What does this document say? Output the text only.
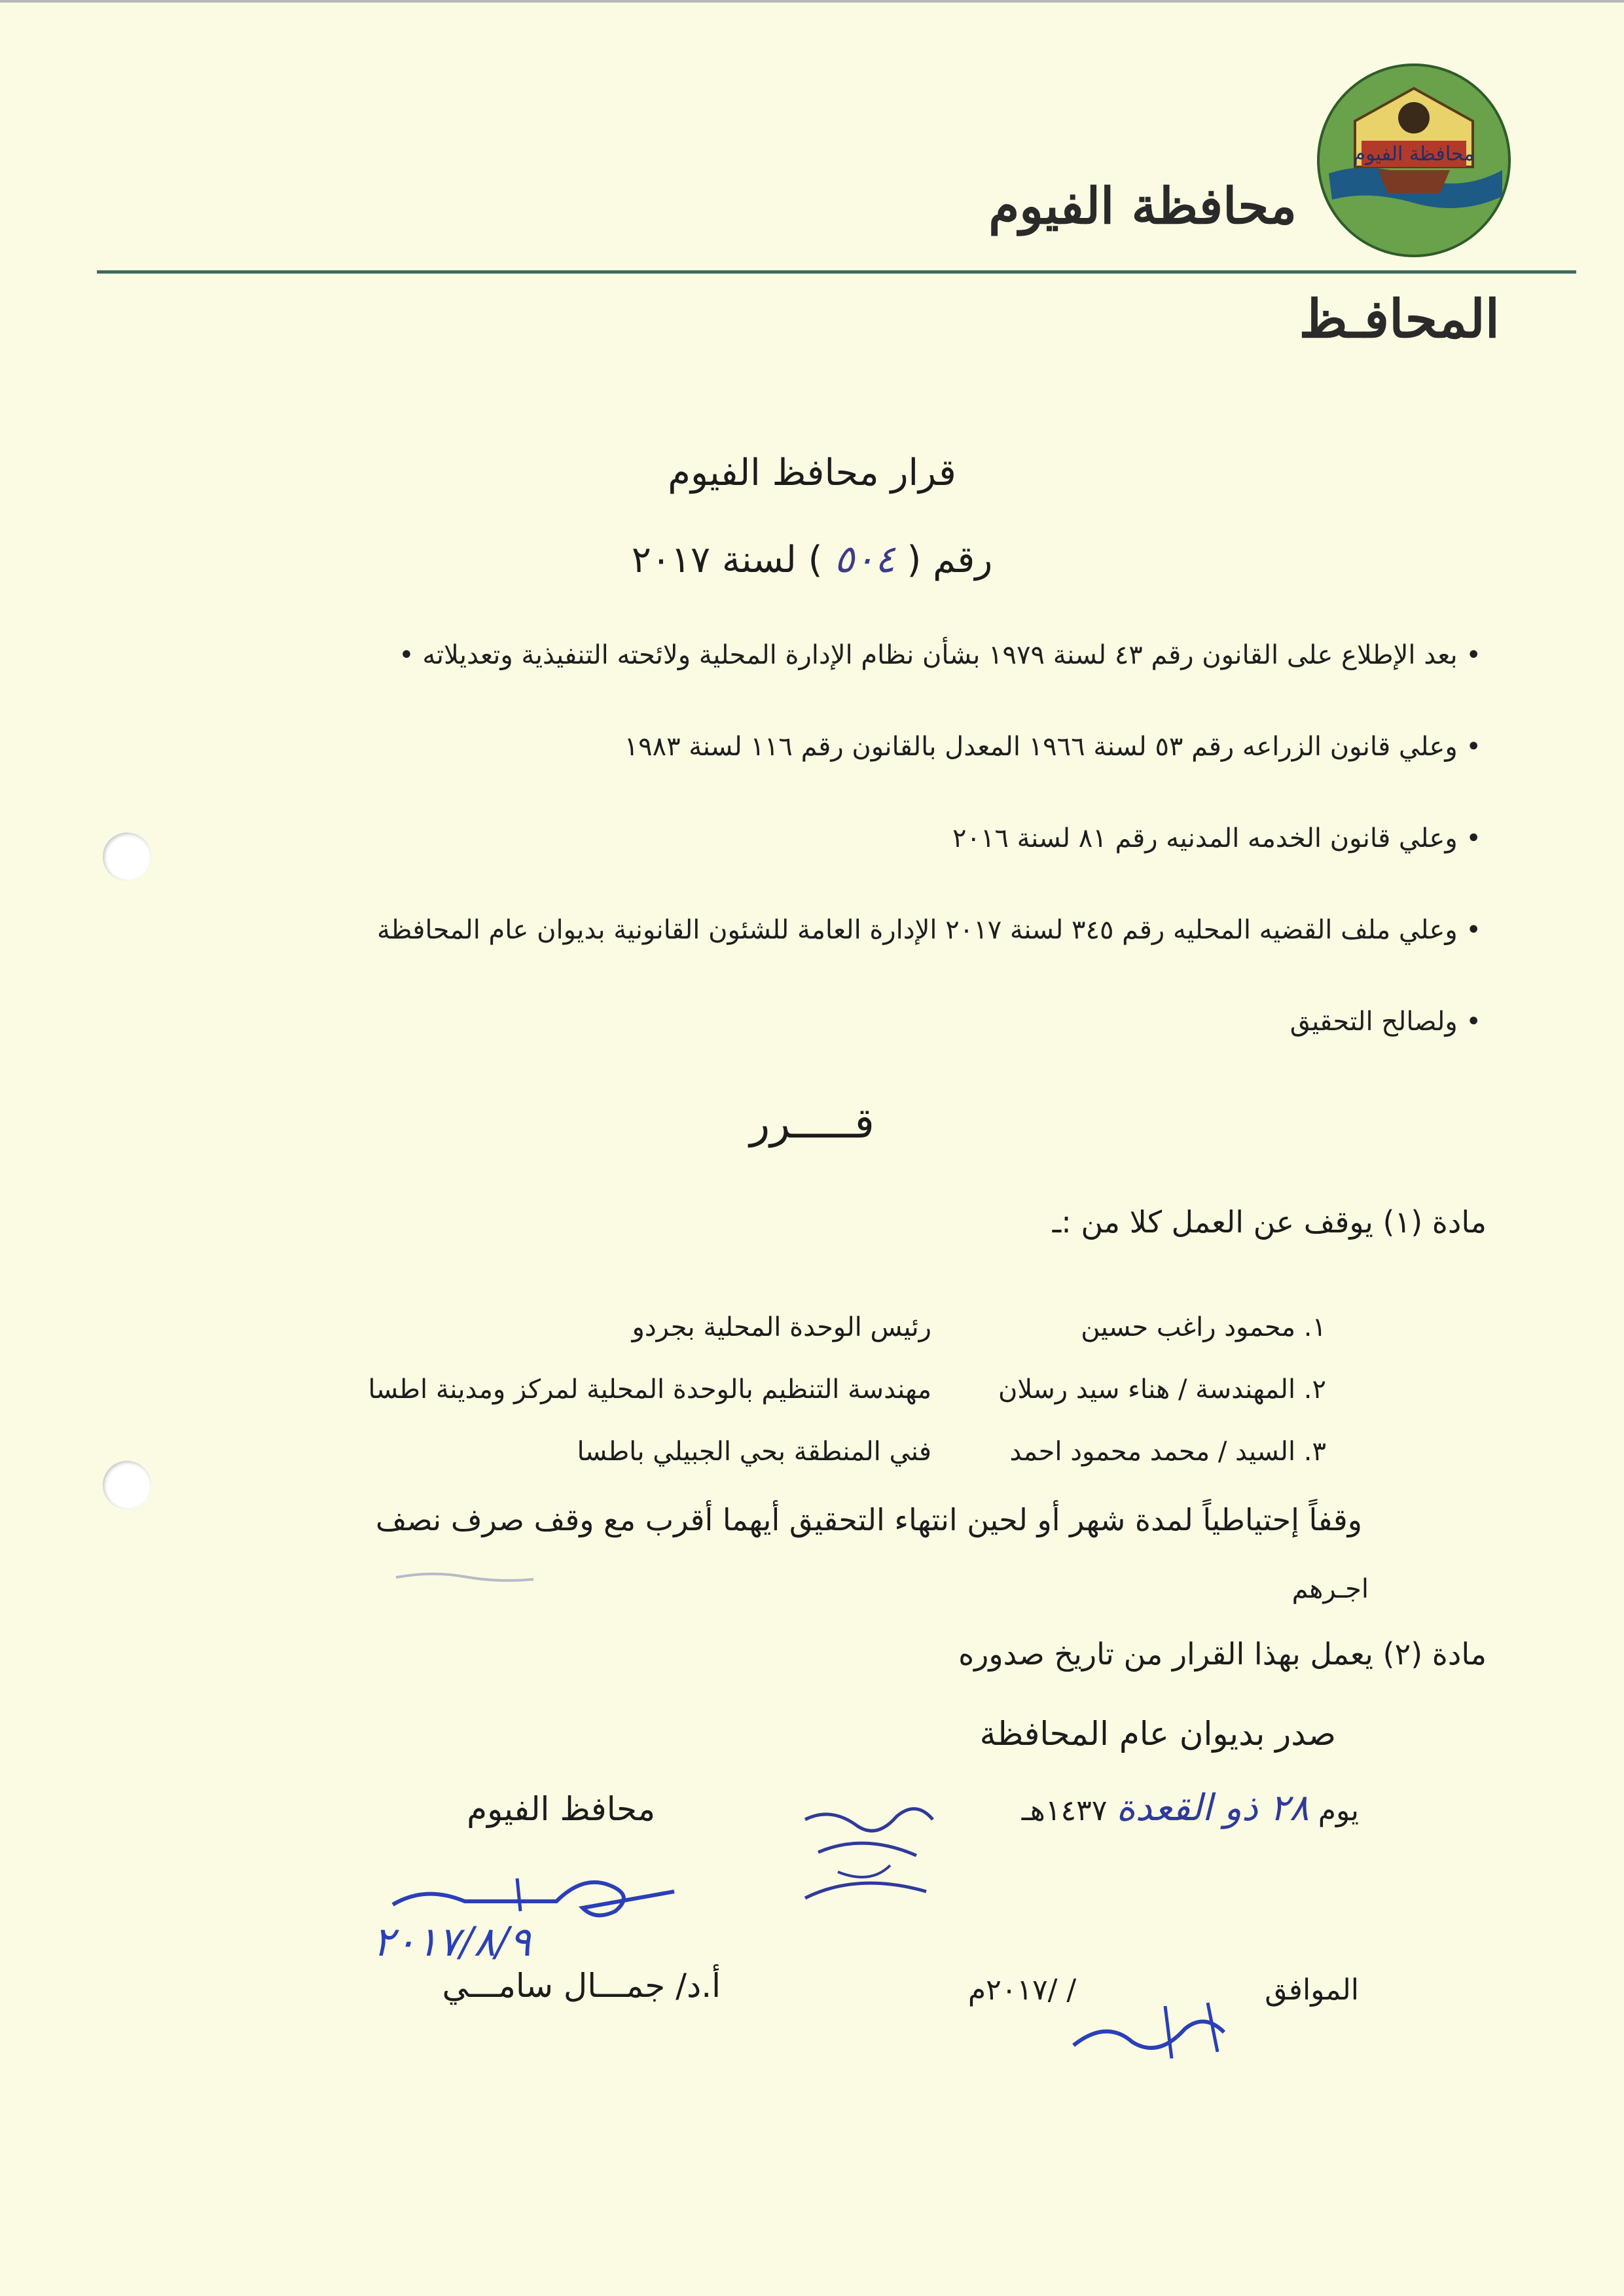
محافظة الفيوم
محافظة الفيوم
المحافـظ
قرار محافظ الفيوم
رقم ( ٥٠٤ ) لسنة ٢٠١٧
• بعد الإطلاع على القانون رقم ٤٣ لسنة ١٩٧٩ بشأن نظام الإدارة المحلية ولائحته التنفيذية وتعديلاته •
• وعلي قانون الزراعه رقم ٥٣ لسنة ١٩٦٦ المعدل بالقانون رقم ١١٦ لسنة ١٩٨٣
• وعلي قانون الخدمه المدنيه رقم ٨١ لسنة ٢٠١٦
• وعلي ملف القضيه المحليه رقم ٣٤٥ لسنة ٢٠١٧ الإدارة العامة للشئون القانونية بديوان عام المحافظة
• ولصالح التحقيق
قـــــرر
مادة (١) يوقف عن العمل كلا من :ـ
١. محمود راغب حسين
رئيس الوحدة المحلية بجردو
٢. المهندسة / هناء سيد رسلان
مهندسة التنظيم بالوحدة المحلية لمركز ومدينة اطسا
٣. السيد / محمد محمود احمد
فني المنطقة بحي الجبيلي باطسا
وقفاً إحتياطياً لمدة شهر أو لحين انتهاء التحقيق أيهما أقرب مع وقف صرف نصف
اجـرهم
مادة (٢) يعمل بهذا القرار من تاريخ صدوره
صدر بديوان عام المحافظة
يوم ٢٨ ذو القعدة ١٤٣٧هـ
محافظ الفيوم
٢٠١٧/٨/٩
أ.د/ جمـــال سامـــي	الموافق  / /٢٠١٧م
